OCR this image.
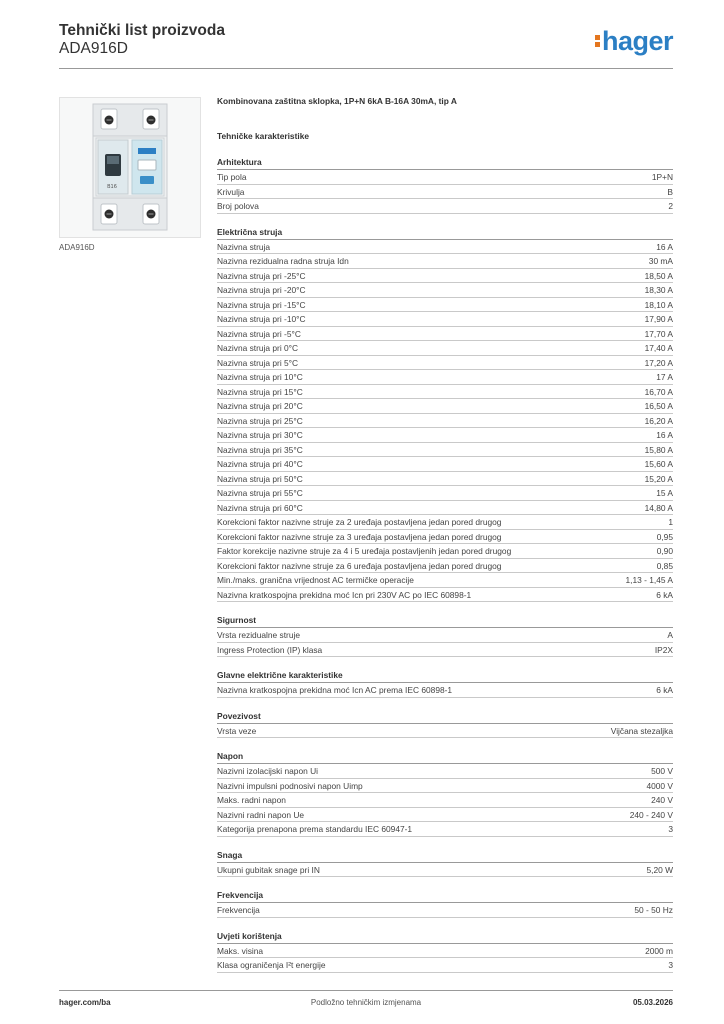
Tehnički list proizvoda
ADA916D	hager
B16
ADA916D
Kombinovana zaštitna sklopka, 1P+N 6kA B-16A 30mA, tip A
Tehničke karakteristike
Arhitektura
Tip pola	1P+N
Krivulja	B
Broj polova	2
Električna struja
Nazivna struja	16 A
Nazivna rezidualna radna struja Idn	30 mA
Nazivna struja pri -25°C	18,50 A
Nazivna struja pri -20°C	18,30 A
Nazivna struja pri -15°C	18,10 A
Nazivna struja pri -10°C	17,90 A
Nazivna struja pri -5°C	17,70 A
Nazivna struja pri 0°C	17,40 A
Nazivna struja pri 5°C	17,20 A
Nazivna struja pri 10°C	17 A
Nazivna struja pri 15°C	16,70 A
Nazivna struja pri 20°C	16,50 A
Nazivna struja pri 25°C	16,20 A
Nazivna struja pri 30°C	16 A
Nazivna struja pri 35°C	15,80 A
Nazivna struja pri 40°C	15,60 A
Nazivna struja pri 50°C	15,20 A
Nazivna struja pri 55°C	15 A
Nazivna struja pri 60°C	14,80 A
Korekcioni faktor nazivne struje za 2 uređaja postavljena jedan pored drugog	1
Korekcioni faktor nazivne struje za 3 uređaja postavljena jedan pored drugog	0,95
Faktor korekcije nazivne struje za 4 i 5 uređaja postavljenih jedan pored drugog	0,90
Korekcioni faktor nazivne struje za 6 uređaja postavljena jedan pored drugog	0,85
Min./maks. granična vrijednost AC termičke operacije	1,13 - 1,45 A
Nazivna kratkospojna prekidna moć Icn pri 230V AC po IEC 60898-1	6 kA
Sigurnost
Vrsta rezidualne struje	A
Ingress Protection (IP) klasa	IP2X
Glavne električne karakteristike
Nazivna kratkospojna prekidna moć Icn AC prema IEC 60898-1	6 kA
Povezivost
Vrsta veze	Vijčana stezaljka
Napon
Nazivni izolacijski napon Ui	500 V
Nazivni impulsni podnosivi napon Uimp	4000 V
Maks. radni napon	240 V
Nazivni radni napon Ue	240 - 240 V
Kategorija prenapona prema standardu IEC 60947-1	3
Snaga
Ukupni gubitak snage pri IN	5,20 W
Frekvencija
Frekvencija	50 - 50 Hz
Uvjeti korištenja
Maks. visina	2000 m
Klasa ograničenja I²t energije	3
hager.com/ba	Podložno tehničkim izmjenama	05.03.2026
